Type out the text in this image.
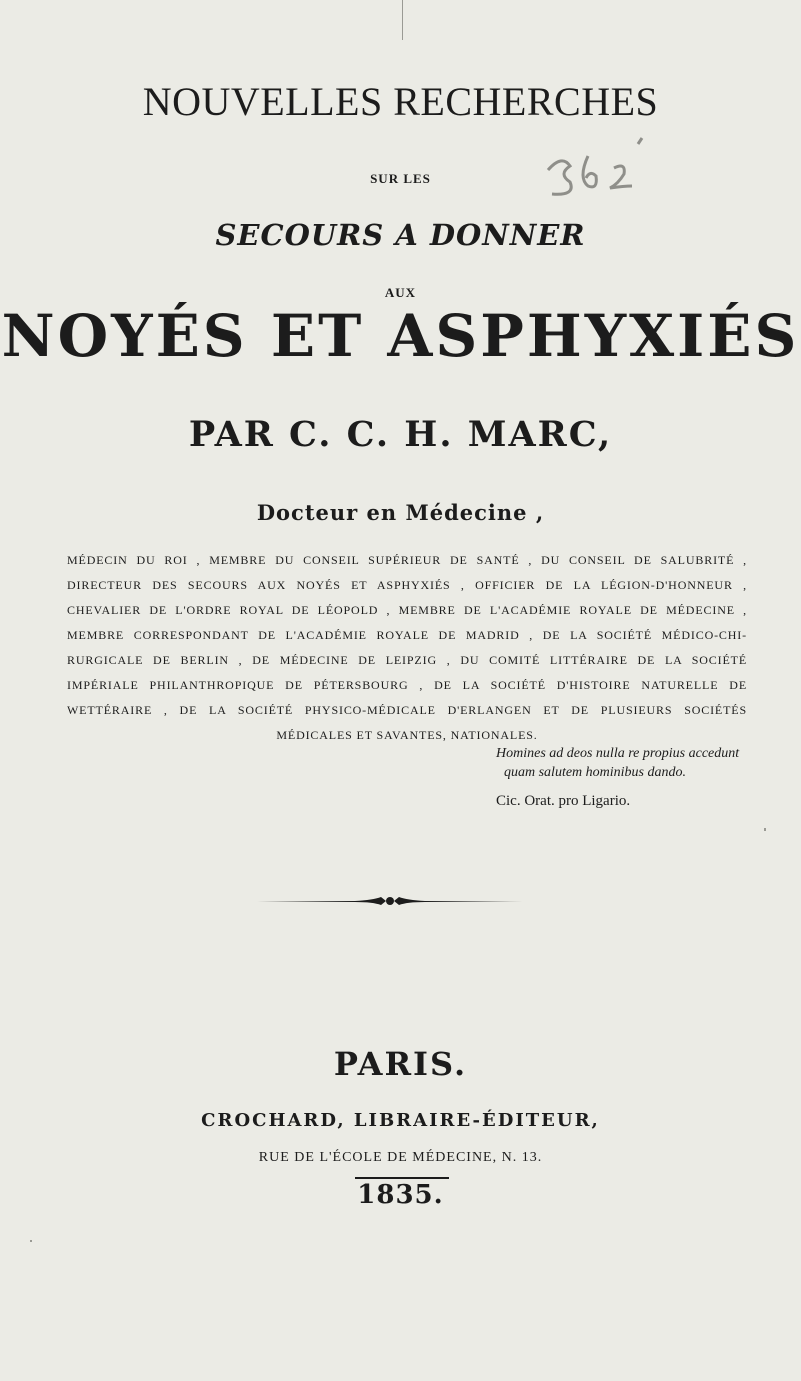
NOUVELLES RECHERCHES
SUR LES
SECOURS A DONNER
AUX
NOYÉS ET ASPHYXIÉS
PAR C. C. H. MARC,
Docteur en Médecine ,
MÉDECIN DU ROI , MEMBRE DU CONSEIL SUPÉRIEUR DE SANTÉ , DU CONSEIL DE SALUBRITÉ ,
DIRECTEUR DES SECOURS AUX NOYÉS ET ASPHYXIÉS , OFFICIER DE LA LÉGION-D'HONNEUR ,
CHEVALIER DE L'ORDRE ROYAL DE LÉOPOLD , MEMBRE DE L'ACADÉMIE ROYALE DE MÉDECINE ,
MEMBRE CORRESPONDANT DE L'ACADÉMIE ROYALE DE MADRID , DE LA SOCIÉTÉ MÉDICO-CHI-
RURGICALE DE BERLIN , DE MÉDECINE DE LEIPZIG , DU COMITÉ LITTÉRAIRE DE LA SOCIÉTÉ
IMPÉRIALE PHILANTHROPIQUE DE PÉTERSBOURG , DE LA SOCIÉTÉ D'HISTOIRE NATURELLE DE
WETTÉRAIRE , DE LA SOCIÉTÉ PHYSICO-MÉDICALE D'ERLANGEN ET DE PLUSIEURS SOCIÉTÉS
MÉDICALES ET SAVANTES, NATIONALES.
Homines ad deos nulla re propius accedunt
quam salutem hominibus dando.
Cic. Orat. pro Ligario.
PARIS.
CROCHARD, LIBRAIRE-ÉDITEUR,
RUE DE L'ÉCOLE DE MÉDECINE, N. 13.
1835.
